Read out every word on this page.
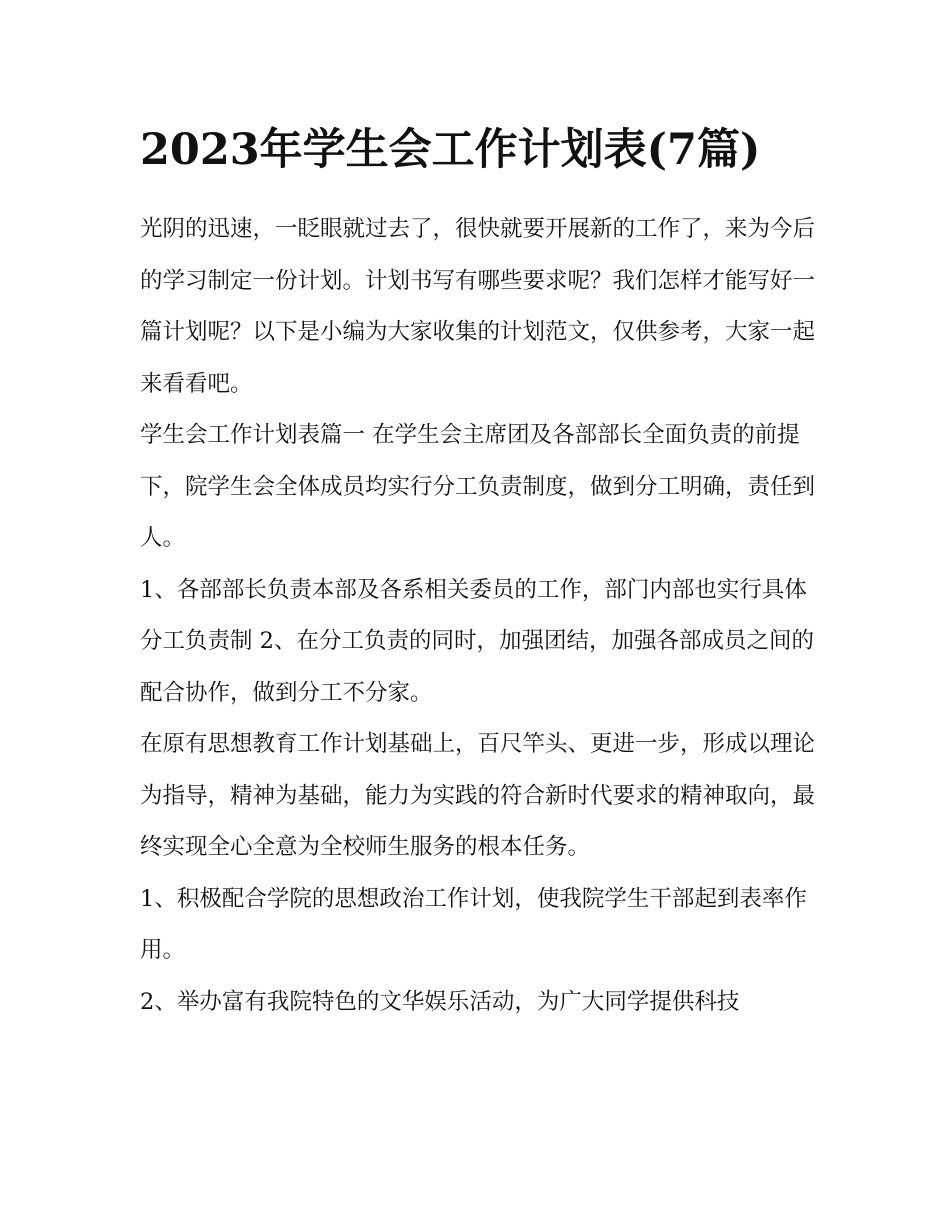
2023年学生会工作计划表(7篇)

光阴的迅速，一眨眼就过去了，很快就要开展新的工作了，来为今后的学习制定一份计划。计划书写有哪些要求呢？我们怎样才能写好一篇计划呢？以下是小编为大家收集的计划范文，仅供参考，大家一起来看看吧。

学生会工作计划表篇一 在学生会主席团及各部部长全面负责的前提下，院学生会全体成员均实行分工负责制度，做到分工明确，责任到人。

1、各部部长负责本部及各系相关委员的工作，部门内部也实行具体分工负责制 2、在分工负责的同时，加强团结，加强各部成员之间的配合协作，做到分工不分家。

在原有思想教育工作计划基础上，百尺竿头、更进一步，形成以理论为指导，精神为基础，能力为实践的符合新时代要求的精神取向，最终实现全心全意为全校师生服务的根本任务。

1、积极配合学院的思想政治工作计划，使我院学生干部起到表率作用。

2、举办富有我院特色的文华娱乐活动，为广大同学提供科技
